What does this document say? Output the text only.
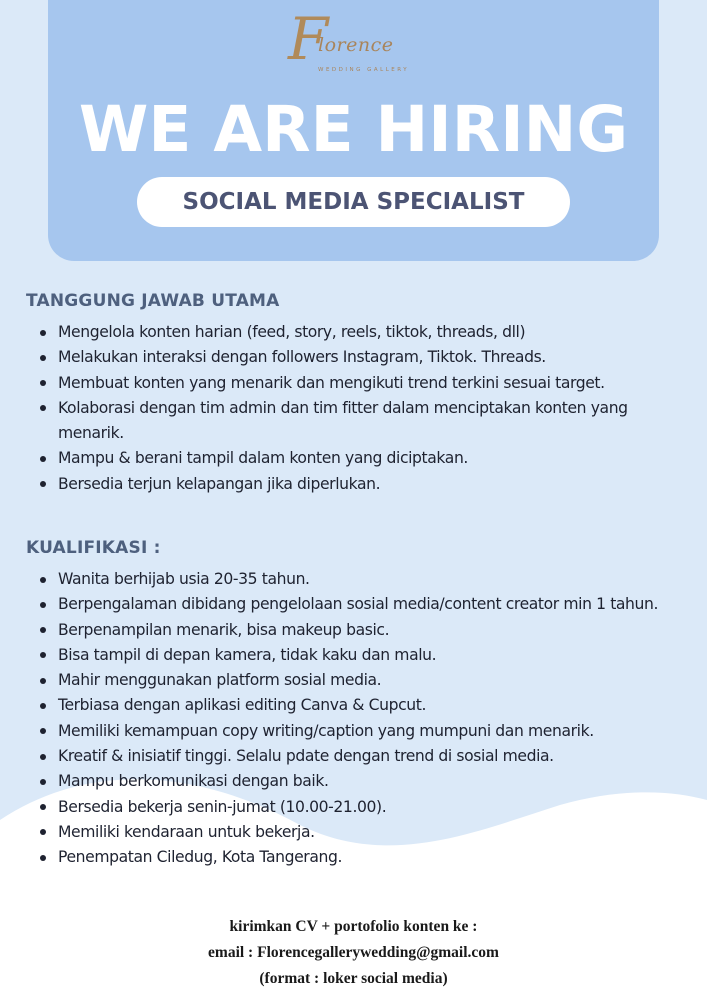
F
lorence
WEDDING GALLERY
WE ARE HIRING
SOCIAL MEDIA SPECIALIST
TANGGUNG JAWAB UTAMA
Mengelola konten harian (feed, story, reels, tiktok, threads, dll)
Melakukan interaksi dengan followers Instagram, Tiktok. Threads.
Membuat konten yang menarik dan mengikuti trend terkini sesuai target.
Kolaborasi dengan tim admin dan tim fitter dalam menciptakan konten yang menarik.
Mampu & berani tampil dalam konten yang diciptakan.
Bersedia terjun kelapangan jika diperlukan.
KUALIFIKASI :
Wanita berhijab usia 20-35 tahun.
Berpengalaman dibidang pengelolaan sosial media/content creator min 1 tahun.
Berpenampilan menarik, bisa makeup basic.
Bisa tampil di depan kamera, tidak kaku dan malu.
Mahir menggunakan platform sosial media.
Terbiasa dengan aplikasi editing Canva & Cupcut.
Memiliki kemampuan copy writing/caption yang mumpuni dan menarik.
Kreatif & inisiatif tinggi. Selalu pdate dengan trend di sosial media.
Mampu berkomunikasi dengan baik.
Bersedia bekerja senin-jumat (10.00-21.00).
Memiliki kendaraan untuk bekerja.
Penempatan Ciledug, Kota Tangerang.
kirimkan CV + portofolio konten ke :
email : Florencegallerywedding@gmail.com
(format : loker social media)
